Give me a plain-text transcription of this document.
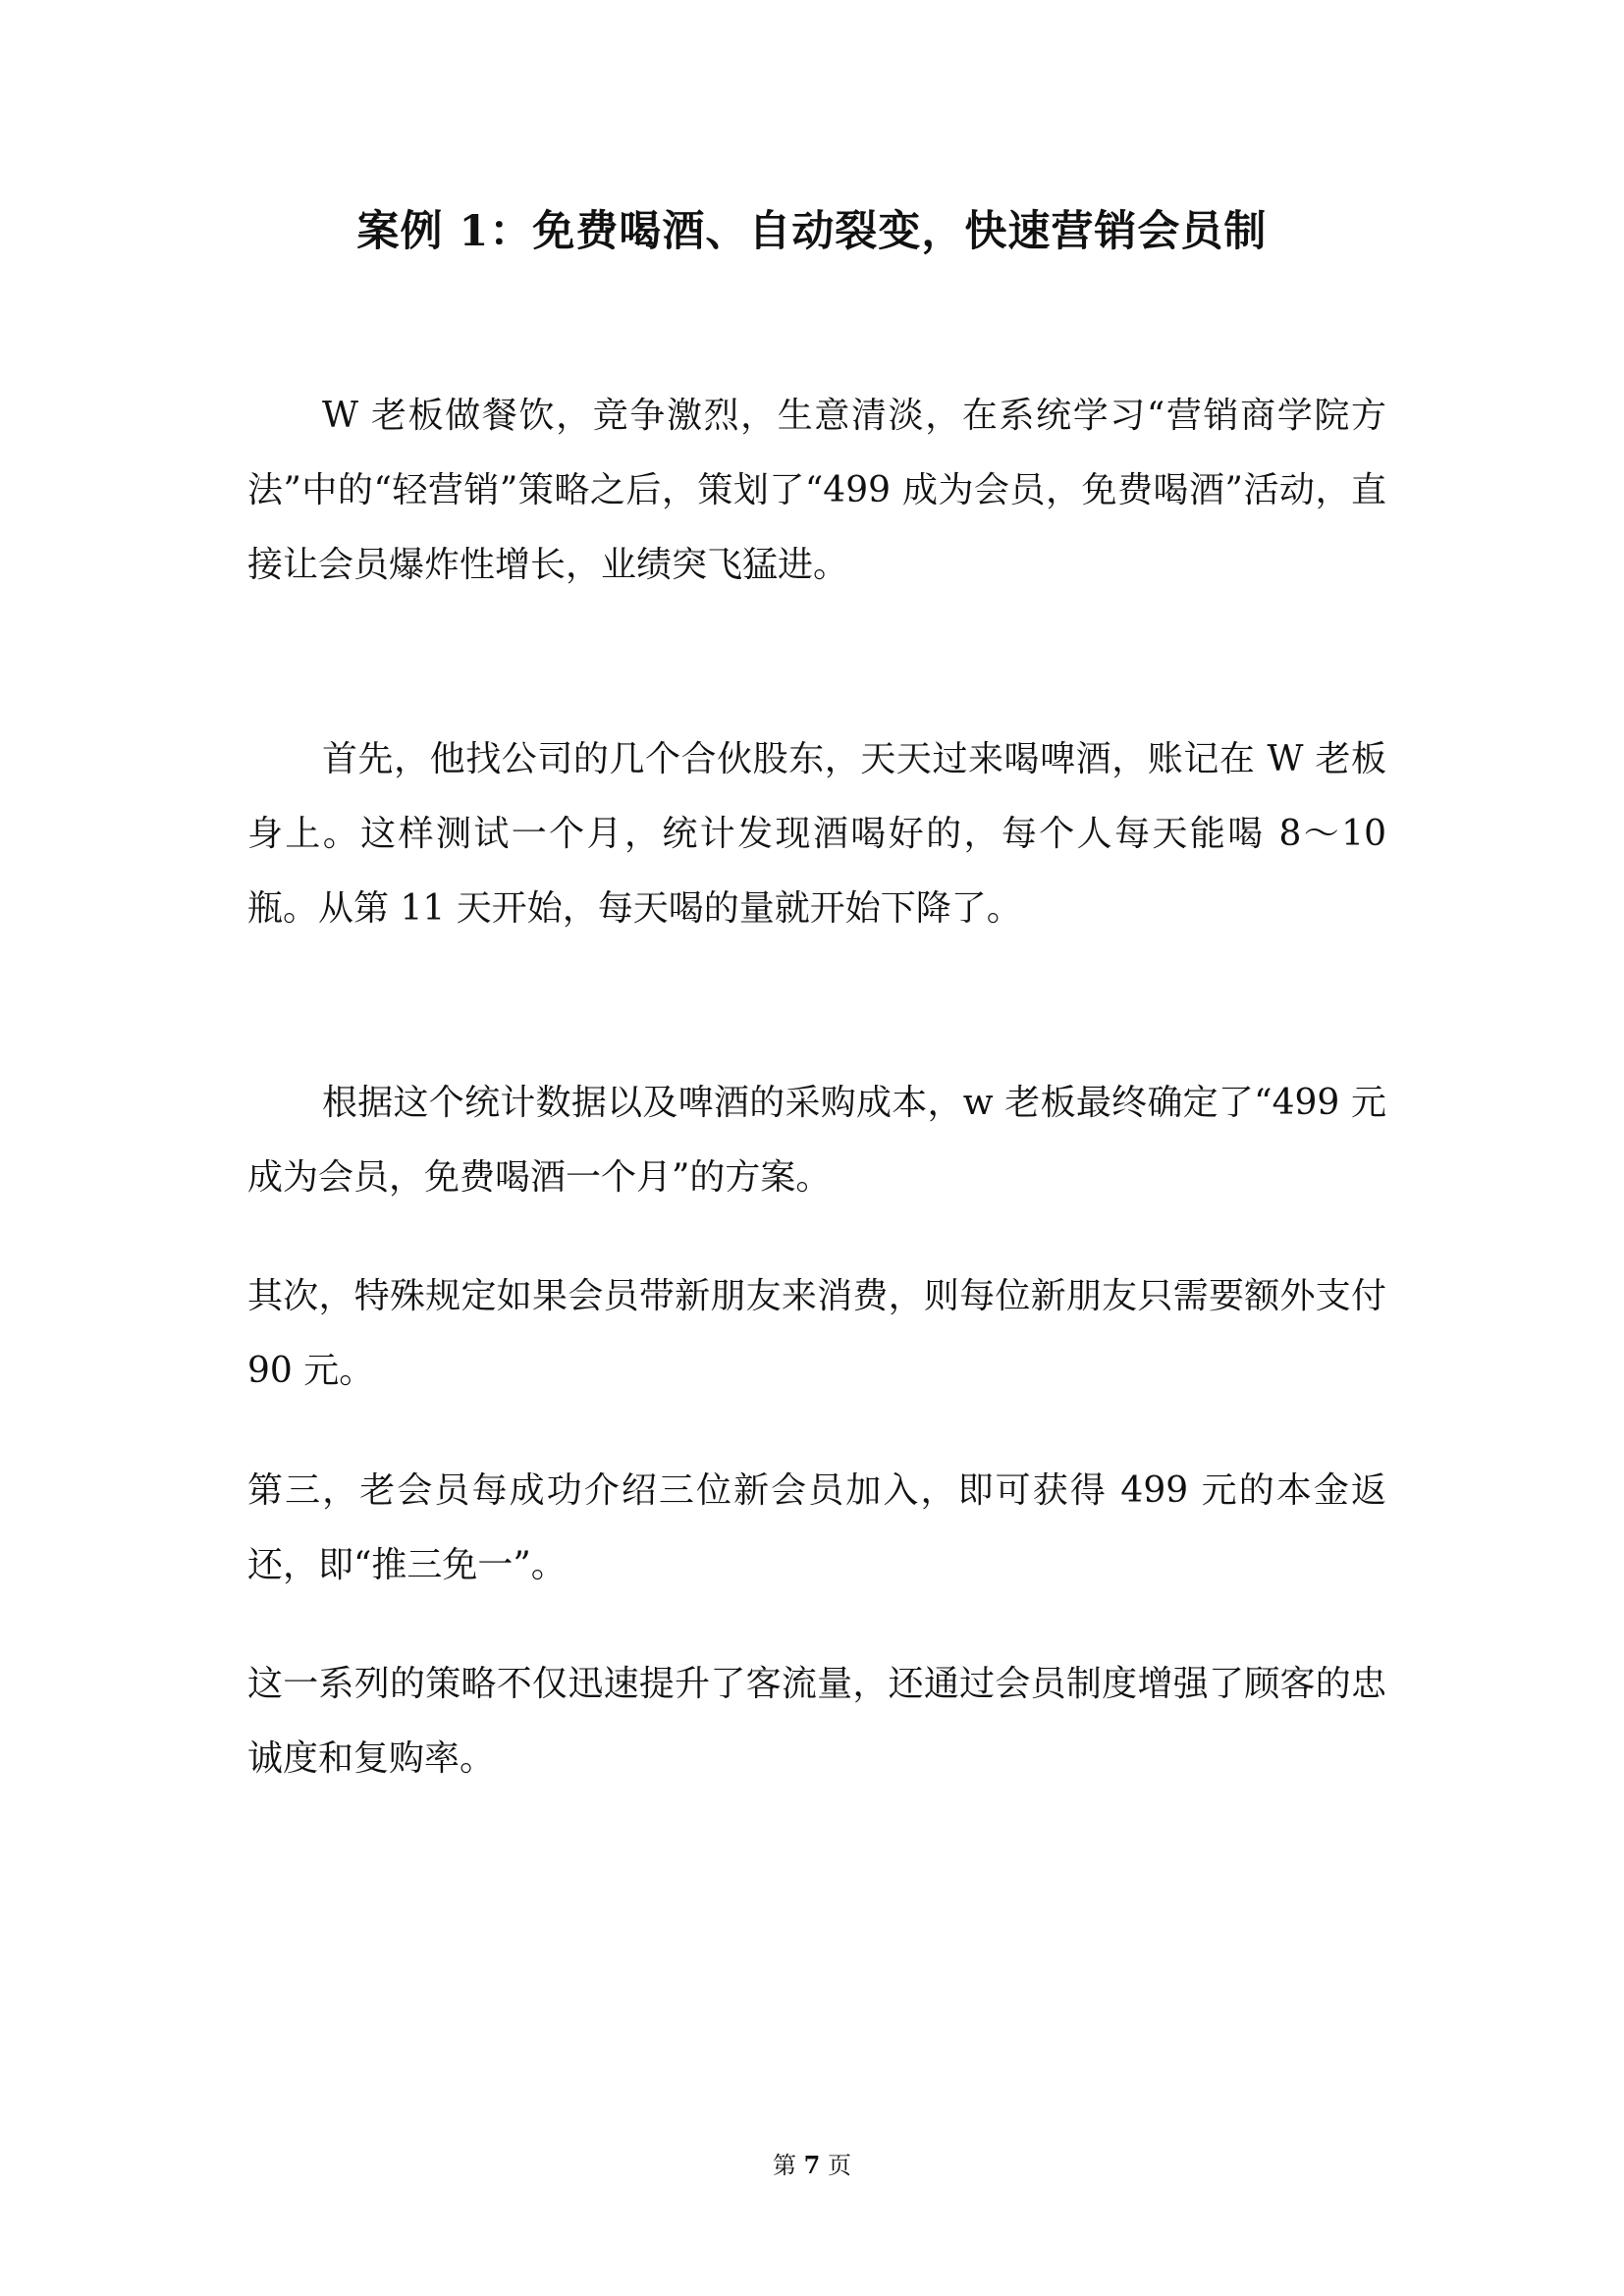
案例 1：免费喝酒、自动裂变，快速营销会员制

W 老板做餐饮，竞争激烈，生意清淡，在系统学习“营销商学院方法”中的“轻营销”策略之后，策划了“499 成为会员，免费喝酒”活动，直接让会员爆炸性增长，业绩突飞猛进。

首先，他找公司的几个合伙股东，天天过来喝啤酒，账记在 W 老板身上。这样测试一个月，统计发现酒喝好的，每个人每天能喝 8～10 瓶。从第 11 天开始，每天喝的量就开始下降了。

根据这个统计数据以及啤酒的采购成本，w 老板最终确定了“499 元成为会员，免费喝酒一个月”的方案。

其次，特殊规定如果会员带新朋友来消费，则每位新朋友只需要额外支付 90 元。

第三，老会员每成功介绍三位新会员加入，即可获得 499 元的本金返还，即“推三免一”。

这一系列的策略不仅迅速提升了客流量，还通过会员制度增强了顾客的忠诚度和复购率。

第 7 页
